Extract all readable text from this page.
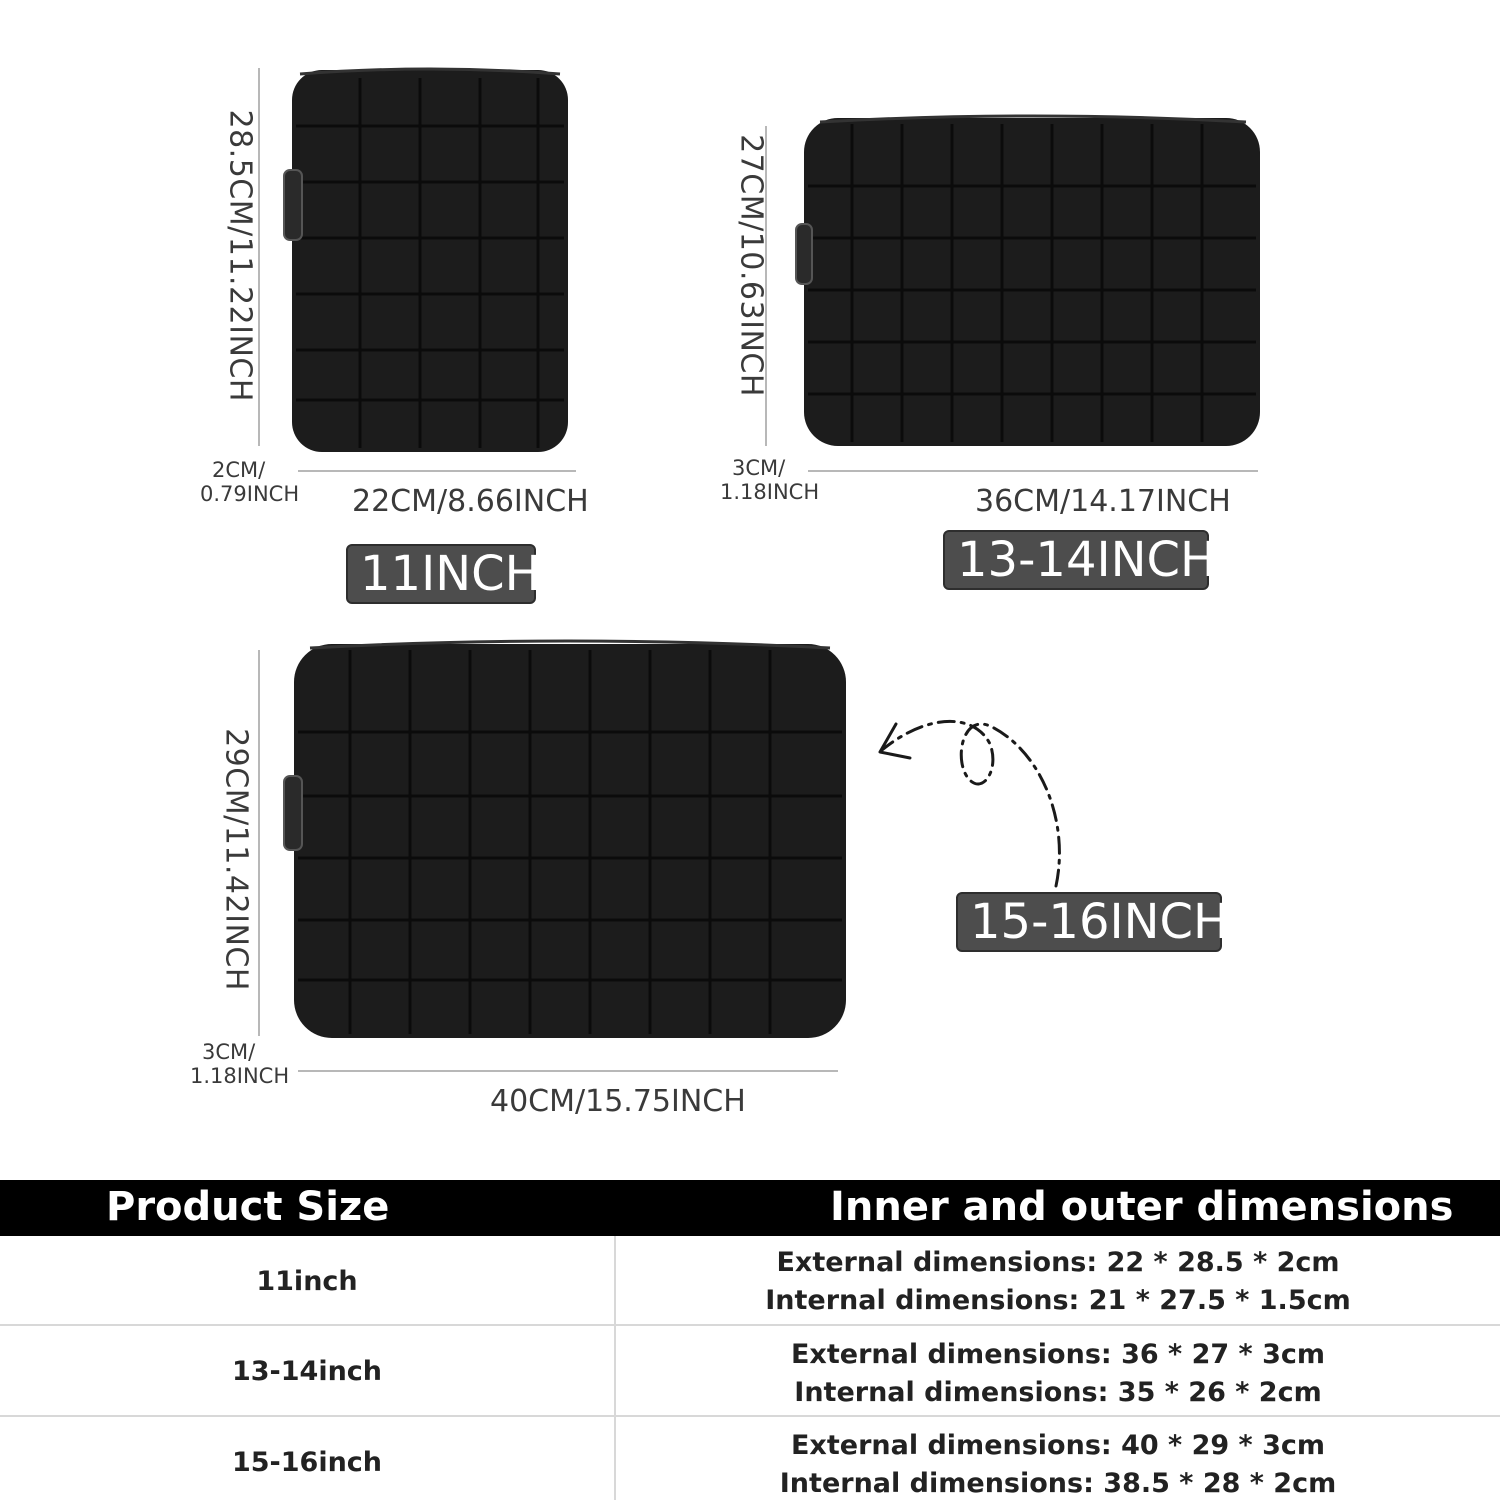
28.5CM/11.22INCH
2CM/
0.79INCH 22CM/8.66INCH
11INCH
27CM/10.63INCH
3CM/
1.18INCH	36CM/14.17INCH
13-14INCH
29CM/11.42INCH
3CM/
1.18INCH
40CM/15.75INCH
15-16INCH
Product Size	Inner and outer dimensions
11inch
External dimensions: 22 * 28.5 * 2cm
Internal dimensions: 21 * 27.5 * 1.5cm
13-14inch
External dimensions: 36 * 27 * 3cm
Internal dimensions: 35 * 26 * 2cm
15-16inch
External dimensions: 40 * 29 * 3cm
Internal dimensions: 38.5 * 28 * 2cm
